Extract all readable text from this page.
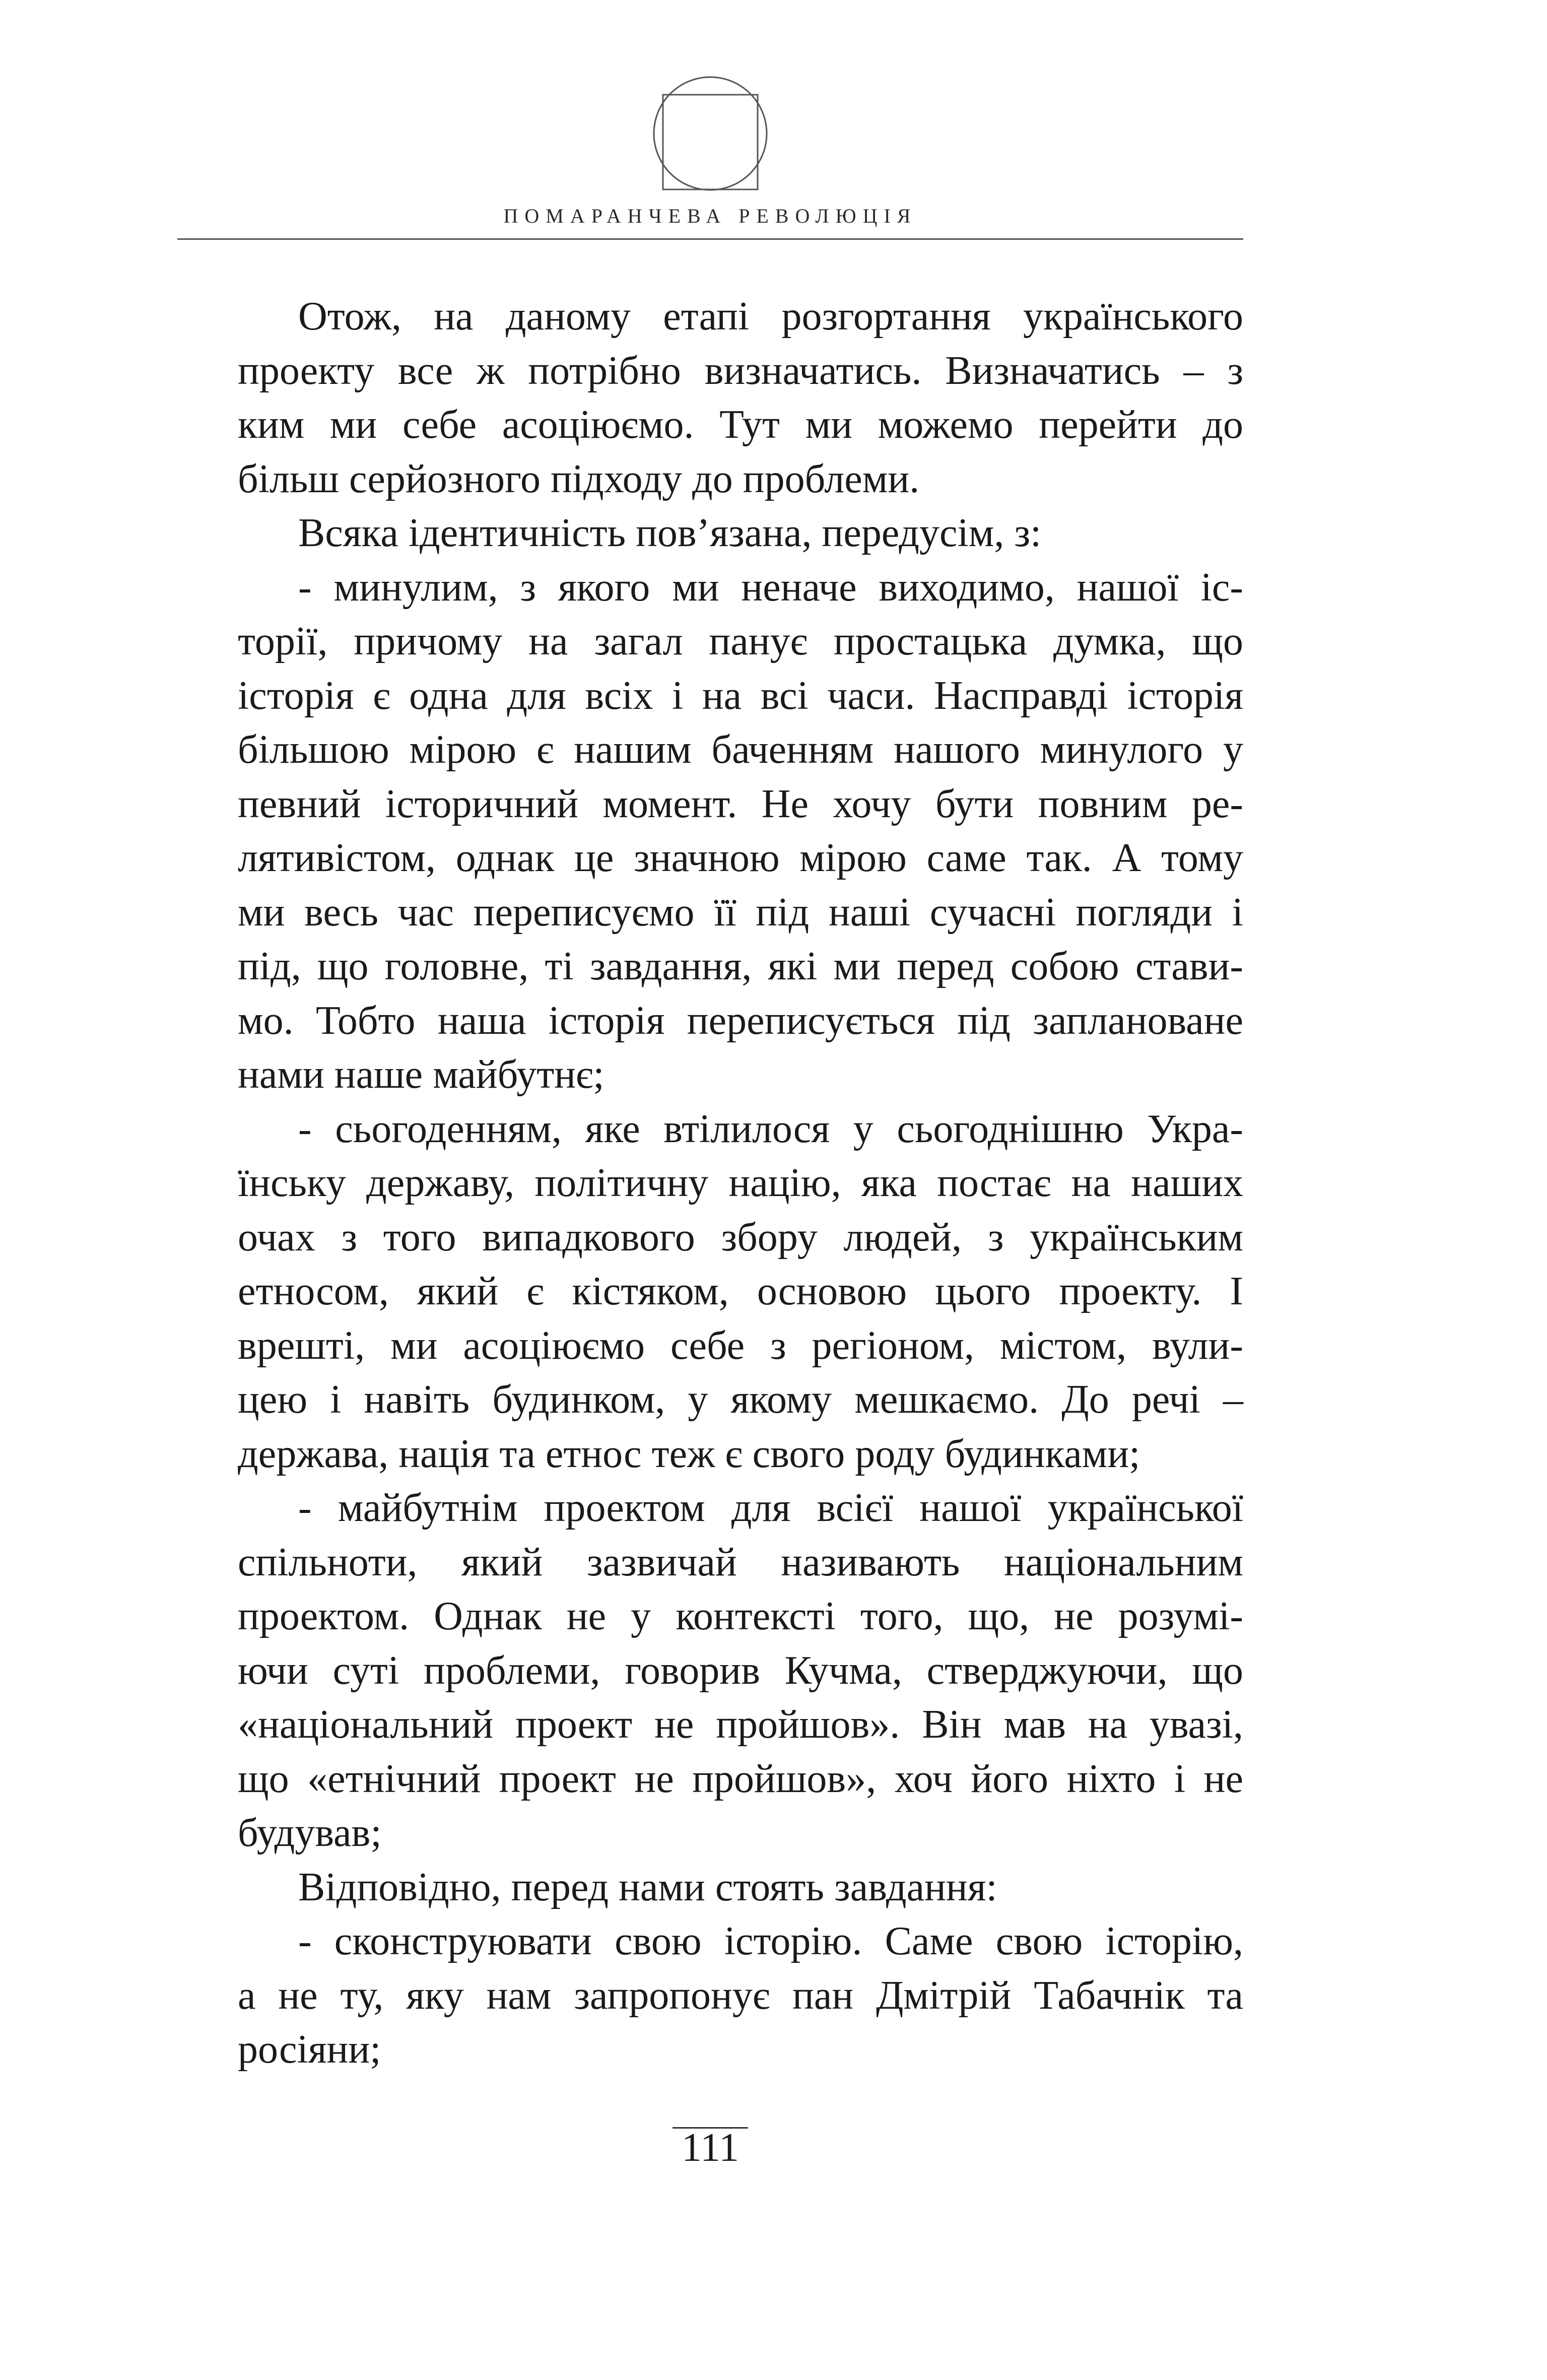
ПОМАРАНЧЕВА РЕВОЛЮЦІЯ
Отож, на даному етапі розгортання українського
проекту все ж потрібно визначатись. Визначатись – з
ким ми себе асоціюємо. Тут ми можемо перейти до
більш серйозного підходу до проблеми.
Всяка ідентичність пов’язана, передусім, з:
- минулим, з якого ми неначе виходимо, нашої іс-
торії, причому на загал панує простацька думка, що
історія є одна для всіх і на всі часи. Насправді історія
більшою мірою є нашим баченням нашого минулого у
певний історичний момент. Не хочу бути повним ре-
лятивістом, однак це значною мірою саме так. А тому
ми весь час переписуємо її під наші сучасні погляди і
під, що головне, ті завдання, які ми перед собою стави-
мо. Тобто наша історія переписується під заплановане
нами наше майбутнє;
- сьогоденням, яке втілилося у сьогоднішню Укра-
їнську державу, політичну націю, яка постає на наших
очах з того випадкового збору людей, з українським
етносом, який є кістяком, основою цього проекту. І
врешті, ми асоціюємо себе з регіоном, містом, вули-
цею і навіть будинком, у якому мешкаємо. До речі –
держава, нація та етнос теж є свого роду будинками;
- майбутнім проектом для всієї нашої української
спільноти, який зазвичай називають національним
проектом. Однак не у контексті того, що, не розумі-
ючи суті проблеми, говорив Кучма, стверджуючи, що
«національний проект не пройшов». Він мав на увазі,
що «етнічний проект не пройшов», хоч його ніхто і не
будував;
Відповідно, перед нами стоять завдання:
- сконструювати свою історію. Саме свою історію,
а не ту, яку нам запропонує пан Дмітрій Табачнік та
росіяни;
111
